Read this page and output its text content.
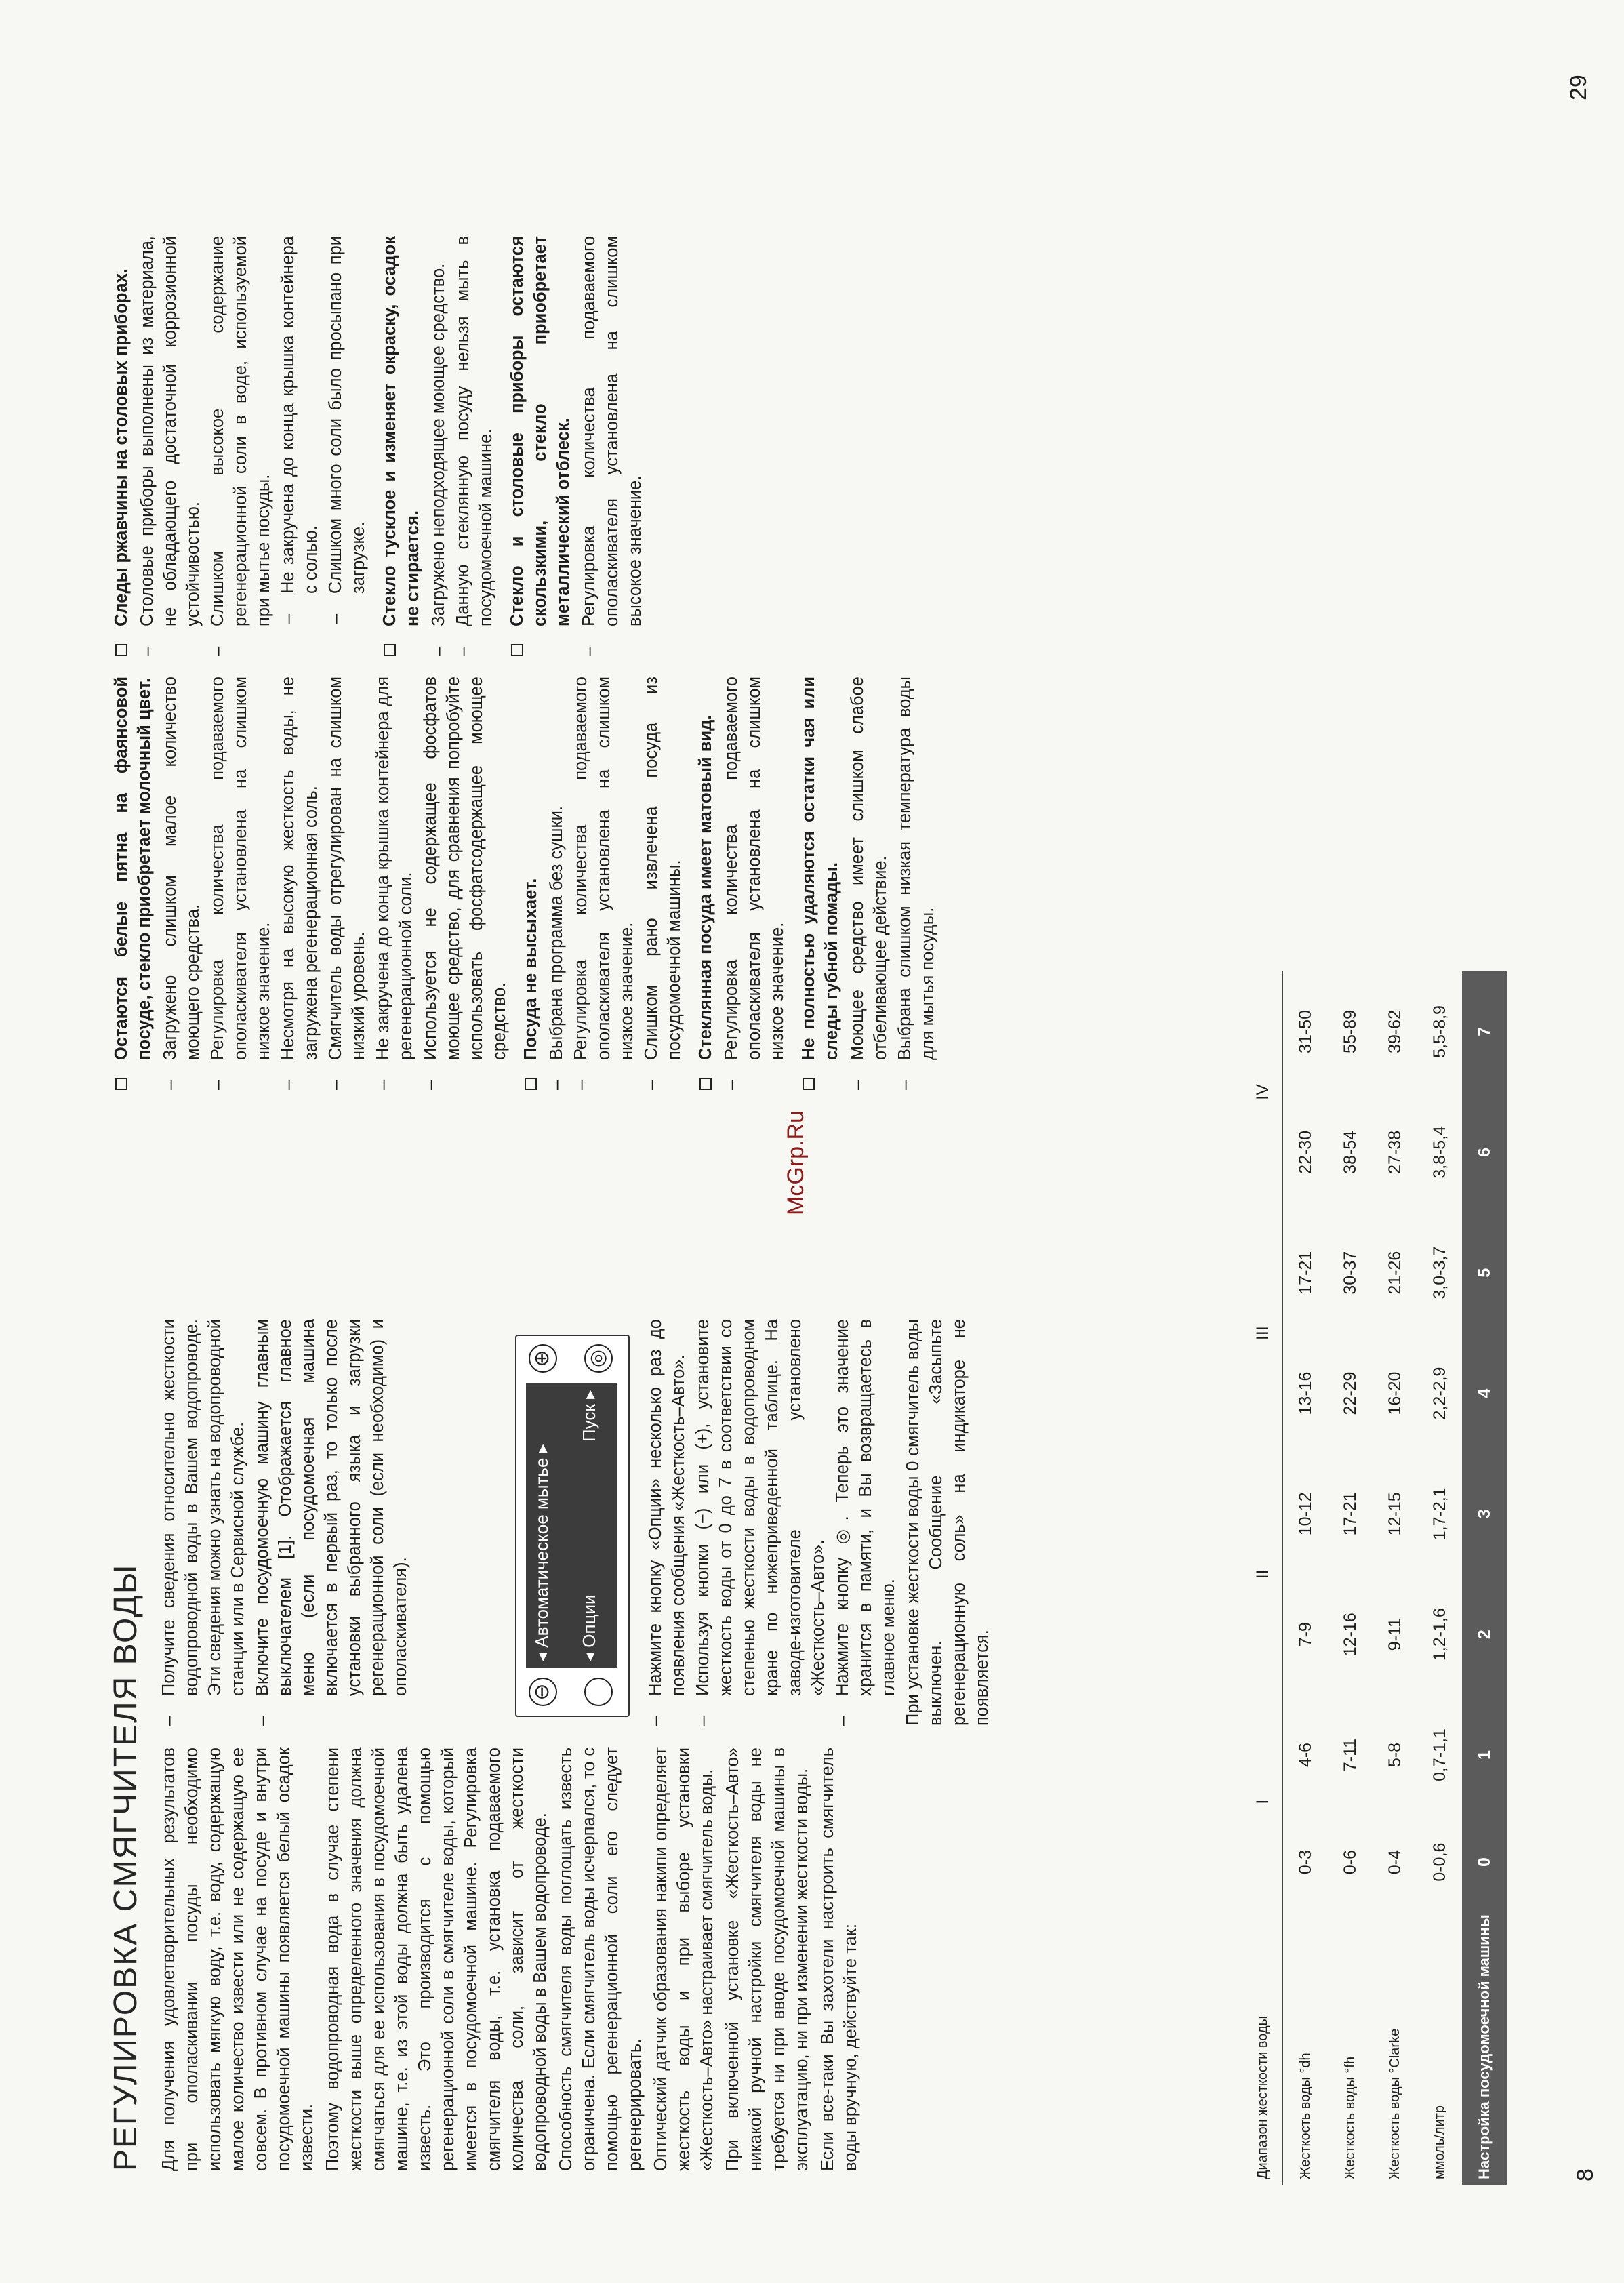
РЕГУЛИРОВКА СМЯГЧИТЕЛЯ ВОДЫ Для получения удовлетворительных результатов при ополаскивании посуды необходимо использовать мягкую воду, т.е. воду, содержащую малое количество извести или не содержащую ее совсем. В противном случае на посуде и внутри посудомоечной машины появляется белый осадок извести. Поэтому водопроводная вода в случае степени жесткости выше определенного значения должна смягчаться для ее использования в посудомоечной машине, т.е. из этой воды должна быть удалена известь. Это производится с помощью регенерационной соли в смягчителе воды, который имеется в посудомоечной машине. Регулировка смягчителя воды, т.е. установка подаваемого количества соли, зависит от жесткости водопроводной воды в Вашем водопроводе. Способность смягчителя воды поглощать известь ограничена. Если смягчитель воды исчерпался, то с помощью регенерационной соли его следует регенерировать. Оптический датчик образования накипи определяет жесткость воды и при выборе установки «Жесткость–Авто» настраивает смягчитель воды. При включенной установке «Жесткость–Авто» никакой ручной настройки смягчителя воды не требуется ни при вводе посудомоечной машины в эксплуатацию, ни при изменении жесткости воды. Если все-таки Вы захотели настроить смягчитель воды вручную, действуйте так:

– Получите сведения относительно жесткости водопроводной воды в Вашем водопроводе. Эти сведения можно узнать на водопроводной станции или в Сервисной службе. – Включите посудомоечную машину главным выключателем [1]. Отображается главное меню (если посудомоечная машина включается в первый раз, то только после установки выбранного языка и загрузки регенерационной соли (если необходимо) и ополаскивателя).	⊖
◂ Автоматическое мытье ▸
◂ Опции
Пуск ▸
⊕ ◎ – Нажмите кнопку «Опции» несколько раз до появления сообщения «Жесткость–Авто». – Используя кнопки (−) или (+), установите жесткость воды от 0 до 7 в соответствии со степенью жесткости воды в водопроводном кране по нижеприведенной таблице. На заводе-изготовителе установлено «Жесткость–Авто». – Нажмите кнопку ◎. Теперь это значение хранится в памяти, и Вы возвращаетесь в главное меню. При установке жесткости воды 0 смягчитель воды выключен. Сообщение «Засыпьте регенерационную соль» на индикаторе не появляется.

Диапазон жесткости воды	I		II		III		IV	
Жесткость воды °dh	0-3	4-6	7-9	10-12	13-16	17-21	22-30	31-50
Жесткость воды °fh	0-6	7-11	12-16	17-21	22-29	30-37	38-54	55-89
Жесткость воды °Clarke	0-4	5-8	9-11	12-15	16-20	21-26	27-38	39-62
ммоль/литр	0-0,6	0,7-1,1	1,2-1,6	1,7-2,1	2,2-2,9	3,0-3,7	3,8-5,4	5,5-8,9
Настройка посудомоечной машины	0	1	2	3	4	5	6	7
McGrp.Ru
Остаются белые пятна на фаянсовой посуде, стекло приобретает молочный цвет. – Загружено слишком малое количество моющего средства. – Регулировка количества подаваемого ополаскивателя установлена на слишком низкое значение. – Несмотря на высокую жесткость воды, не загружена регенерационная соль. – Смягчитель воды отрегулирован на слишком низкий уровень. – Не закручена до конца крышка контейнера для регенерационной соли. – Используется не содержащее фосфатов моющее средство, для сравнения попробуйте использовать фосфатсодержащее моющее средство. Посуда не высыхает. – Выбрана программа без сушки. – Регулировка количества подаваемого ополаскивателя установлена на слишком низкое значение. – Слишком рано извлечена посуда из посудомоечной машины. Стеклянная посуда имеет матовый вид. – Регулировка количества подаваемого ополаскивателя установлена на слишком низкое значение. Не полностью удаляются остатки чая или следы губной помады. – Моющее средство имеет слишком слабое отбеливающее действие. – Выбрана слишком низкая температура воды для мытья посуды.

Следы ржавчины на столовых приборах. – Столовые приборы выполнены из материала, не обладающего достаточной коррозионной устойчивостью. – Слишком высокое содержание регенерационной соли в воде, используемой при мытье посуды. – Не закручена до конца крышка контейнера с солью. – Слишком много соли было просыпано при загрузке. Стекло тусклое и изменяет окраску, осадок не стирается. – Загружено неподходящее моющее средство. – Данную стеклянную посуду нельзя мыть в посудомоечной машине. Стекло и столовые приборы остаются скользкими, стекло приобретает металлический отблеск. – Регулировка количества подаваемого ополаскивателя установлена на слишком высокое значение.

8
29
